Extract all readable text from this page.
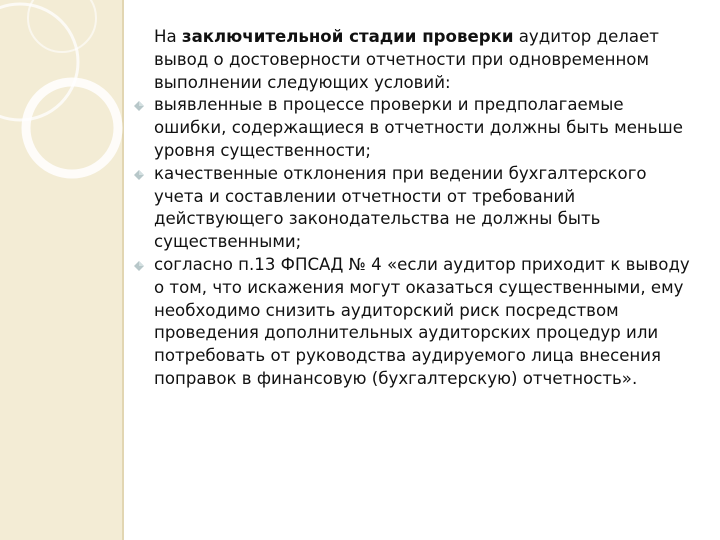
На заключительной стадии проверки аудитор делает вывод о достоверности отчетности при одновременном выполнении следующих условий:

выявленные в процессе проверки и предполагаемые ошибки, содержащиеся в отчетности должны быть меньше уровня существенности;

качественные отклонения при ведении бухгалтерского учета и составлении отчетности от требований действующего законодательства не должны быть существенными;

согласно п.13 ФПСАД № 4 «если аудитор приходит к выводу о том, что искажения могут оказаться существенными, ему необходимо снизить аудиторский риск посредством проведения дополнительных аудиторских процедур или потребовать от руководства аудируемого лица внесения поправок в финансовую (бухгалтерскую) отчетность».
